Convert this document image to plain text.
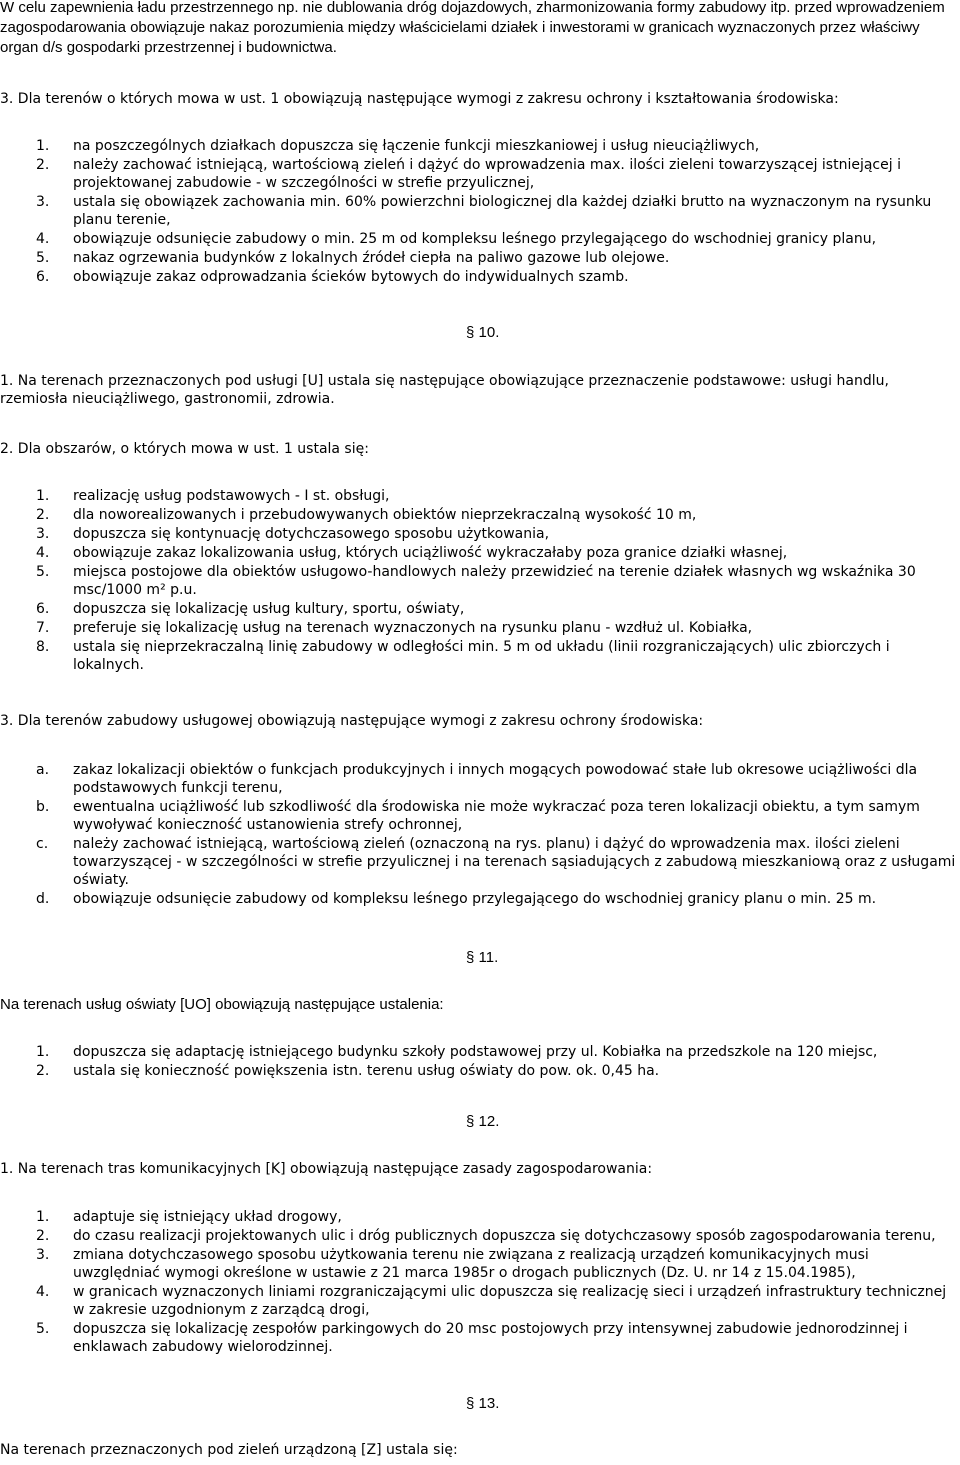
W celu zapewnienia ładu przestrzennego np. nie dublowania dróg dojazdowych, zharmonizowania formy zabudowy itp. przed wprowadzeniem zagospodarowania obowiązuje nakaz porozumienia między właścicielami działek i inwestorami w granicach wyznaczonych przez właściwy organ d/s gospodarki przestrzennej i budownictwa.

3. Dla terenów o których mowa w ust. 1 obowiązują następujące wymogi z zakresu ochrony i kształtowania środowiska:

1. na poszczególnych działkach dopuszcza się łączenie funkcji mieszkaniowej i usług nieuciążliwych,
2. należy zachować istniejącą, wartościową zieleń i dążyć do wprowadzenia max. ilości zieleni towarzyszącej istniejącej i projektowanej zabudowie - w szczególności w strefie przyulicznej,
3. ustala się obowiązek zachowania min. 60% powierzchni biologicznej dla każdej działki brutto na wyznaczonym na rysunku planu terenie,
4. obowiązuje odsunięcie zabudowy o min. 25 m od kompleksu leśnego przylegającego do wschodniej granicy planu,
5. nakaz ogrzewania budynków z lokalnych źródeł ciepła na paliwo gazowe lub olejowe.
6. obowiązuje zakaz odprowadzania ścieków bytowych do indywidualnych szamb.
§ 10.

1. Na terenach przeznaczonych pod usługi [U] ustala się następujące obowiązujące przeznaczenie podstawowe: usługi handlu, rzemiosła nieuciążliwego, gastronomii, zdrowia.

2. Dla obszarów, o których mowa w ust. 1 ustala się:

1. realizację usług podstawowych - I st. obsługi,
2. dla noworealizowanych i przebudowywanych obiektów nieprzekraczalną wysokość 10 m,
3. dopuszcza się kontynuację dotychczasowego sposobu użytkowania,
4. obowiązuje zakaz lokalizowania usług, których uciążliwość wykraczałaby poza granice działki własnej,
5. miejsca postojowe dla obiektów usługowo-handlowych należy przewidzieć na terenie działek własnych wg wskaźnika 30 msc/1000 m² p.u.
6. dopuszcza się lokalizację usług kultury, sportu, oświaty,
7. preferuje się lokalizację usług na terenach wyznaczonych na rysunku planu - wzdłuż ul. Kobiałka,
8. ustala się nieprzekraczalną linię zabudowy w odległości min. 5 m od układu (linii rozgraniczających) ulic zbiorczych i lokalnych.

3. Dla terenów zabudowy usługowej obowiązują następujące wymogi z zakresu ochrony środowiska:

a. zakaz lokalizacji obiektów o funkcjach produkcyjnych i innych mogących powodować stałe lub okresowe uciążliwości dla podstawowych funkcji terenu,
b. ewentualna uciążliwość lub szkodliwość dla środowiska nie może wykraczać poza teren lokalizacji obiektu, a tym samym wywoływać konieczność ustanowienia strefy ochronnej,
c. należy zachować istniejącą, wartościową zieleń (oznaczoną na rys. planu) i dążyć do wprowadzenia max. ilości zieleni towarzyszącej - w szczególności w strefie przyulicznej i na terenach sąsiadujących z zabudową mieszkaniową oraz z usługami oświaty.
d. obowiązuje odsunięcie zabudowy od kompleksu leśnego przylegającego do wschodniej granicy planu o min. 25 m.
§ 11.

Na terenach usług oświaty [UO] obowiązują następujące ustalenia:

1. dopuszcza się adaptację istniejącego budynku szkoły podstawowej przy ul. Kobiałka na przedszkole na 120 miejsc,
2. ustala się konieczność powiększenia istn. terenu usług oświaty do pow. ok. 0,45 ha.
§ 12.

1. Na terenach tras komunikacyjnych [K] obowiązują następujące zasady zagospodarowania:

1. adaptuje się istniejący układ drogowy,
2. do czasu realizacji projektowanych ulic i dróg publicznych dopuszcza się dotychczasowy sposób zagospodarowania terenu,
3. zmiana dotychczasowego sposobu użytkowania terenu nie związana z realizacją urządzeń komunikacyjnych musi uwzględniać wymogi określone w ustawie z 21 marca 1985r o drogach publicznych (Dz. U. nr 14 z 15.04.1985),
4. w granicach wyznaczonych liniami rozgraniczającymi ulic dopuszcza się realizację sieci i urządzeń infrastruktury technicznej w zakresie uzgodnionym z zarządcą drogi,
5. dopuszcza się lokalizację zespołów parkingowych do 20 msc postojowych przy intensywnej zabudowie jednorodzinnej i enklawach zabudowy wielorodzinnej.
§ 13.

Na terenach przeznaczonych pod zieleń urządzoną [Z] ustala się:
